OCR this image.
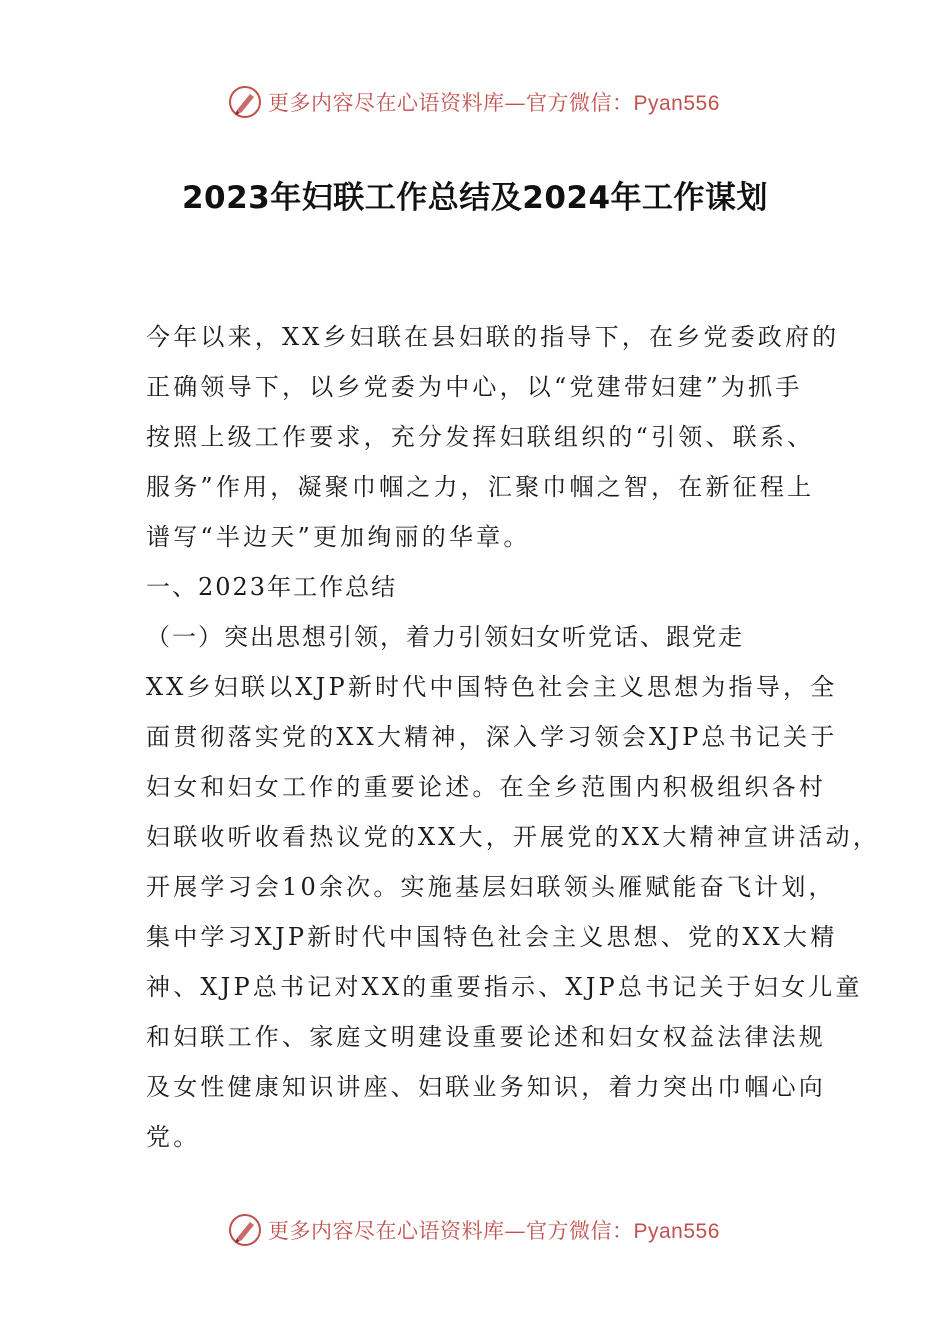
更多内容尽在心语资料库—官方微信：Pyan556
2023年妇联工作总结及2024年工作谋划
今年以来，XX乡妇联在县妇联的指导下，在乡党委政府的
正确领导下，以乡党委为中心，以“党建带妇建”为抓手
按照上级工作要求，充分发挥妇联组织的“引领、联系、
服务”作用，凝聚巾帼之力，汇聚巾帼之智，在新征程上
谱写“半边天”更加绚丽的华章。
一、2023年工作总结
（一）突出思想引领，着力引领妇女听党话、跟党走
XX乡妇联以XJP新时代中国特色社会主义思想为指导，全
面贯彻落实党的XX大精神，深入学习领会XJP总书记关于
妇女和妇女工作的重要论述。在全乡范围内积极组织各村
妇联收听收看热议党的XX大，开展党的XX大精神宣讲活动，
开展学习会10余次。实施基层妇联领头雁赋能奋飞计划，
集中学习XJP新时代中国特色社会主义思想、党的XX大精
神、XJP总书记对XX的重要指示、XJP总书记关于妇女儿童
和妇联工作、家庭文明建设重要论述和妇女权益法律法规
及女性健康知识讲座、妇联业务知识，着力突出巾帼心向
党。
更多内容尽在心语资料库—官方微信：Pyan556
